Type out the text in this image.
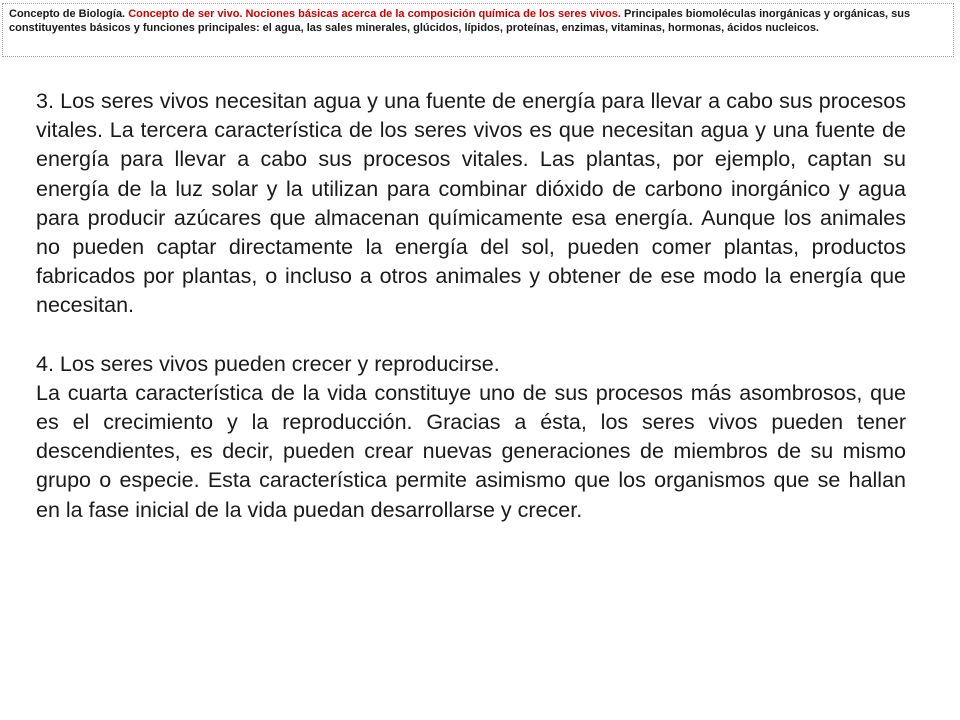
Concepto de Biología. Concepto de ser vivo. Nociones básicas acerca de la composición química de los seres vivos. Principales biomoléculas inorgánicas y orgánicas, sus constituyentes básicos y funciones principales: el agua, las sales minerales, glúcidos, lípidos, proteínas, enzimas, vitaminas, hormonas, ácidos nucleicos.

3. Los seres vivos necesitan agua y una fuente de energía para llevar a cabo sus procesos vitales. La tercera característica de los seres vivos es que necesitan agua y una fuente de energía para llevar a cabo sus procesos vitales. Las plantas, por ejemplo, captan su energía de la luz solar y la utilizan para combinar dióxido de carbono inorgánico y agua para producir azúcares que almacenan químicamente esa energía. Aunque los animales no pueden captar directamente la energía del sol, pueden comer plantas, productos fabricados por plantas, o incluso a otros animales y obtener de ese modo la energía que necesitan.

4. Los seres vivos pueden crecer y reproducirse.

La cuarta característica de la vida constituye uno de sus procesos más asombrosos, que es el crecimiento y la reproducción. Gracias a ésta, los seres vivos pueden tener descendientes, es decir, pueden crear nuevas generaciones de miembros de su mismo grupo o especie. Esta característica permite asimismo que los organismos que se hallan en la fase inicial de la vida puedan desarrollarse y crecer.
